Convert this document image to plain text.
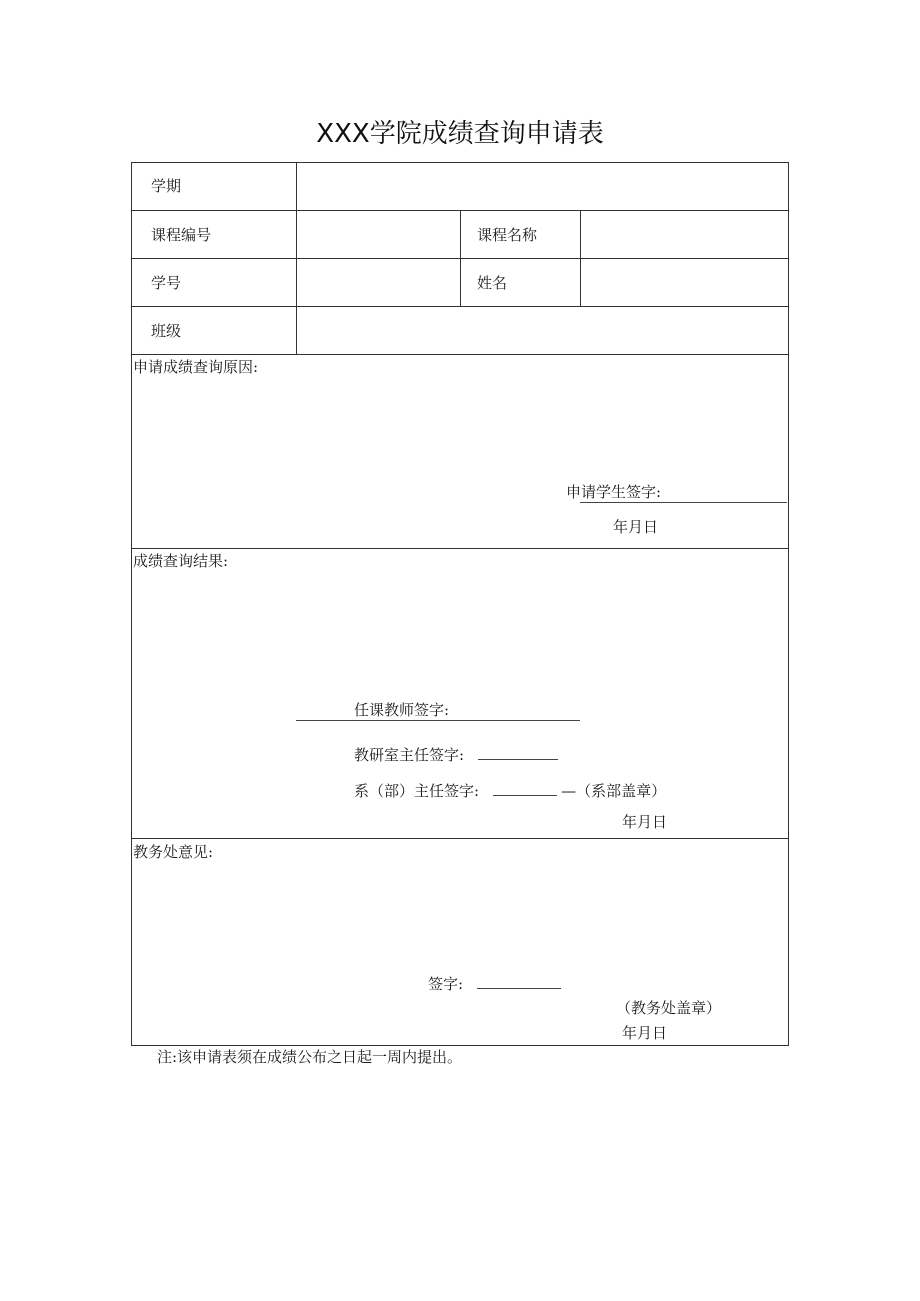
XXX学院成绩查询申请表
学期
课程编号	课程名称
学号	姓名
班级
申请成绩查询原因:
申请学生签字:
年月日
成绩查询结果:
任课教师签字:
教研室主任签字:
系（部）主任签字:	—（系部盖章）
年月日
教务处意见:
签字:
（教务处盖章）
年月日
注:该申请表须在成绩公布之日起一周内提出。
